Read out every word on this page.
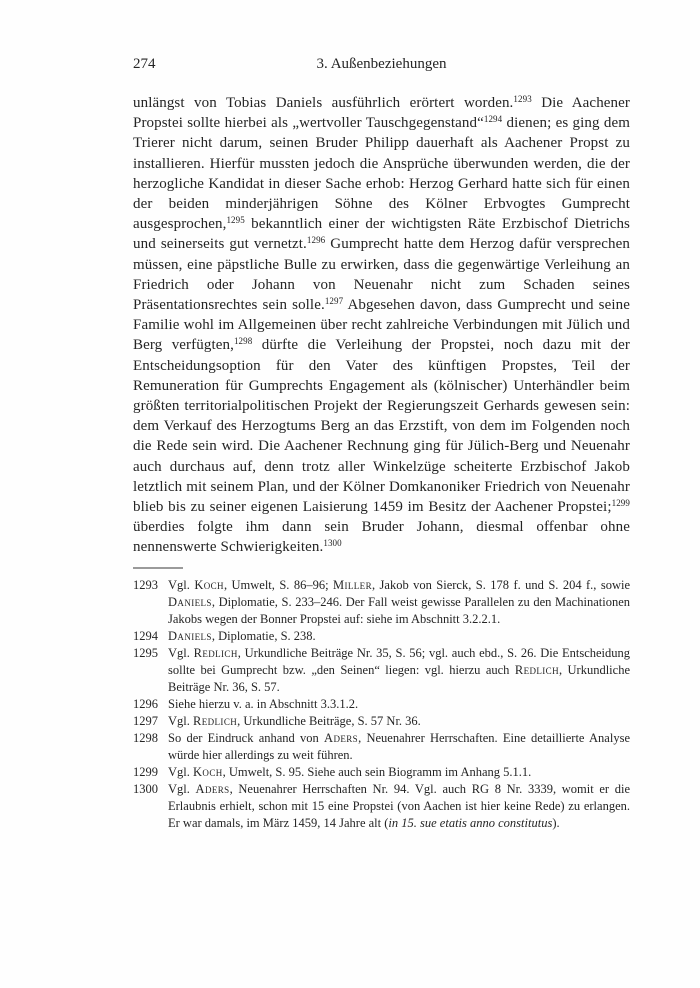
274	3. Außenbeziehungen

unlängst von Tobias Daniels ausführlich erörtert worden.$^{1293}$ Die Aachener Propstei sollte hierbei als „wertvoller Tauschgegenstand“$^{1294}$ dienen; es ging dem Trierer nicht darum, seinen Bruder Philipp dauerhaft als Aachener Propst zu installieren. Hierfür mussten jedoch die Ansprüche überwunden werden, die der herzogliche Kandidat in dieser Sache erhob: Herzog Gerhard hatte sich für einen der beiden minderjährigen Söhne des Kölner Erbvogtes Gumprecht ausgesprochen,$^{1295}$ bekanntlich einer der wichtigsten Räte Erzbischof Dietrichs und seinerseits gut vernetzt.$^{1296}$ Gumprecht hatte dem Herzog dafür versprechen müssen, eine päpstliche Bulle zu erwirken, dass die gegenwärtige Verleihung an Friedrich oder Johann von Neuenahr nicht zum Schaden seines Präsentationsrechtes sein solle.$^{1297}$ Abgesehen davon, dass Gumprecht und seine Familie wohl im Allgemeinen über recht zahlreiche Verbindungen mit Jülich und Berg verfügten,$^{1298}$ dürfte die Verleihung der Propstei, noch dazu mit der Entscheidungsoption für den Vater des künftigen Propstes, Teil der Remuneration für Gumprechts Engagement als (kölnischer) Unterhändler beim größten territorialpolitischen Projekt der Regierungszeit Gerhards gewesen sein: dem Verkauf des Herzogtums Berg an das Erzstift, von dem im Folgenden noch die Rede sein wird. Die Aachener Rechnung ging für Jülich-Berg und Neuenahr auch durchaus auf, denn trotz aller Winkelzüge scheiterte Erzbischof Jakob letztlich mit seinem Plan, und der Kölner Domkanoniker Friedrich von Neuenahr blieb bis zu seiner eigenen Laisierung 1459 im Besitz der Aachener Propstei;$^{1299}$ überdies folgte ihm dann sein Bruder Johann, diesmal offenbar ohne nennenswerte Schwierigkeiten.$^{1300}$

1293 Vgl. Koch, Umwelt, S. 86–96; Miller, Jakob von Sierck, S. 178 f. und S. 204 f., sowie Daniels, Diplomatie, S. 233–246. Der Fall weist gewisse Parallelen zu den Machinationen Jakobs wegen der Bonner Propstei auf: siehe im Abschnitt 3.2.2.1.
1294 Daniels, Diplomatie, S. 238.
1295 Vgl. Redlich, Urkundliche Beiträge Nr. 35, S. 56; vgl. auch ebd., S. 26. Die Entscheidung sollte bei Gumprecht bzw. „den Seinen“ liegen: vgl. hierzu auch Redlich, Urkundliche Beiträge Nr. 36, S. 57.
1296 Siehe hierzu v. a. in Abschnitt 3.3.1.2.
1297 Vgl. Redlich, Urkundliche Beiträge, S. 57 Nr. 36.
1298 So der Eindruck anhand von Aders, Neuenahrer Herrschaften. Eine detaillierte Analyse würde hier allerdings zu weit führen.
1299 Vgl. Koch, Umwelt, S. 95. Siehe auch sein Biogramm im Anhang 5.1.1.
1300 Vgl. Aders, Neuenahrer Herrschaften Nr. 94. Vgl. auch RG 8 Nr. 3339, womit er die Erlaubnis erhielt, schon mit 15 eine Propstei (von Aachen ist hier keine Rede) zu erlangen. Er war damals, im März 1459, 14 Jahre alt (in 15. sue etatis anno constitutus).
